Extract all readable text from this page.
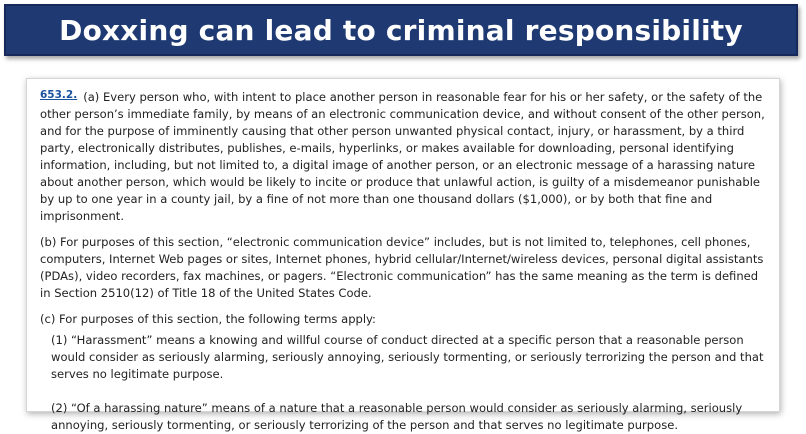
Doxxing can lead to criminal responsibility

653.2. (a) Every person who, with intent to place another person in reasonable fear for his or her safety, or the safety of the other person’s immediate family, by means of an electronic communication device, and without consent of the other person, and for the purpose of imminently causing that other person unwanted physical contact, injury, or harassment, by a third party, electronically distributes, publishes, e-mails, hyperlinks, or makes available for downloading, personal identifying information, including, but not limited to, a digital image of another person, or an electronic message of a harassing nature about another person, which would be likely to incite or produce that unlawful action, is guilty of a misdemeanor punishable by up to one year in a county jail, by a fine of not more than one thousand dollars ($1,000), or by both that fine and imprisonment.

(b) For purposes of this section, “electronic communication device” includes, but is not limited to, telephones, cell phones, computers, Internet Web pages or sites, Internet phones, hybrid cellular/Internet/wireless devices, personal digital assistants (PDAs), video recorders, fax machines, or pagers. “Electronic communication” has the same meaning as the term is defined in Section 2510(12) of Title 18 of the United States Code.

(c) For purposes of this section, the following terms apply:

(1) “Harassment” means a knowing and willful course of conduct directed at a specific person that a reasonable person would consider as seriously alarming, seriously annoying, seriously tormenting, or seriously terrorizing the person and that serves no legitimate purpose.

(2) “Of a harassing nature” means of a nature that a reasonable person would consider as seriously alarming, seriously annoying, seriously tormenting, or seriously terrorizing of the person and that serves no legitimate purpose.
